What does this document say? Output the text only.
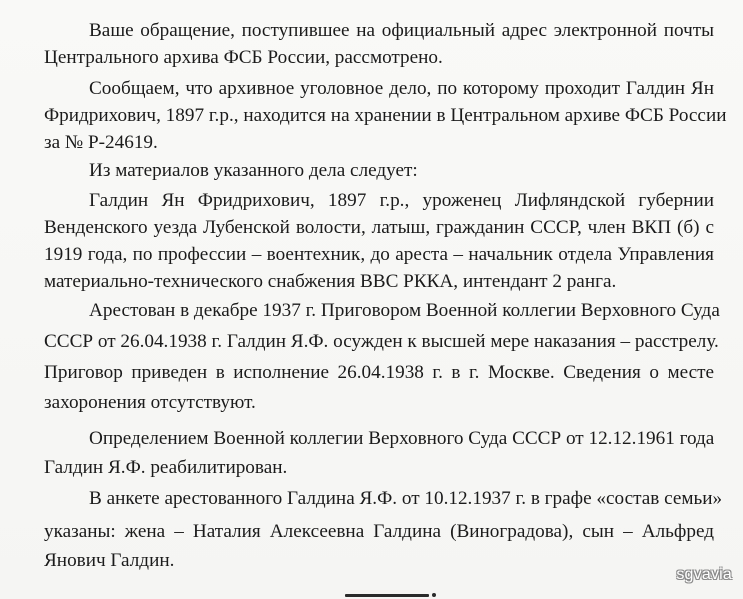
Ваше обращение, поступившее на официальный адрес электронной почты
Центрального архива ФСБ России, рассмотрено.
Сообщаем, что архивное уголовное дело, по которому проходит Галдин Ян
Фридрихович, 1897 г.р., находится на хранении в Центральном архиве ФСБ России
за № Р-24619.
Из материалов указанного дела следует:
Галдин Ян Фридрихович, 1897 г.р., уроженец Лифляндской губернии
Венденского уезда Лубенской волости, латыш, гражданин СССР, член ВКП (б) с
1919 года, по профессии – воентехник, до ареста – начальник отдела Управления
материально-технического снабжения ВВС РККА, интендант 2 ранга.
Арестован в декабре 1937 г. Приговором Военной коллегии Верховного Суда
СССР от 26.04.1938 г. Галдин Я.Ф. осужден к высшей мере наказания – расстрелу.
Приговор приведен в исполнение 26.04.1938 г. в г. Москве. Сведения о месте
захоронения отсутствуют.
Определением Военной коллегии Верховного Суда СССР от 12.12.1961 года
Галдин Я.Ф. реабилитирован.
В анкете арестованного Галдина Я.Ф. от 10.12.1937 г. в графе «состав семьи»
указаны: жена – Наталия Алексеевна Галдина (Виноградова), сын – Альфред
Янович Галдин.
sgvavia
